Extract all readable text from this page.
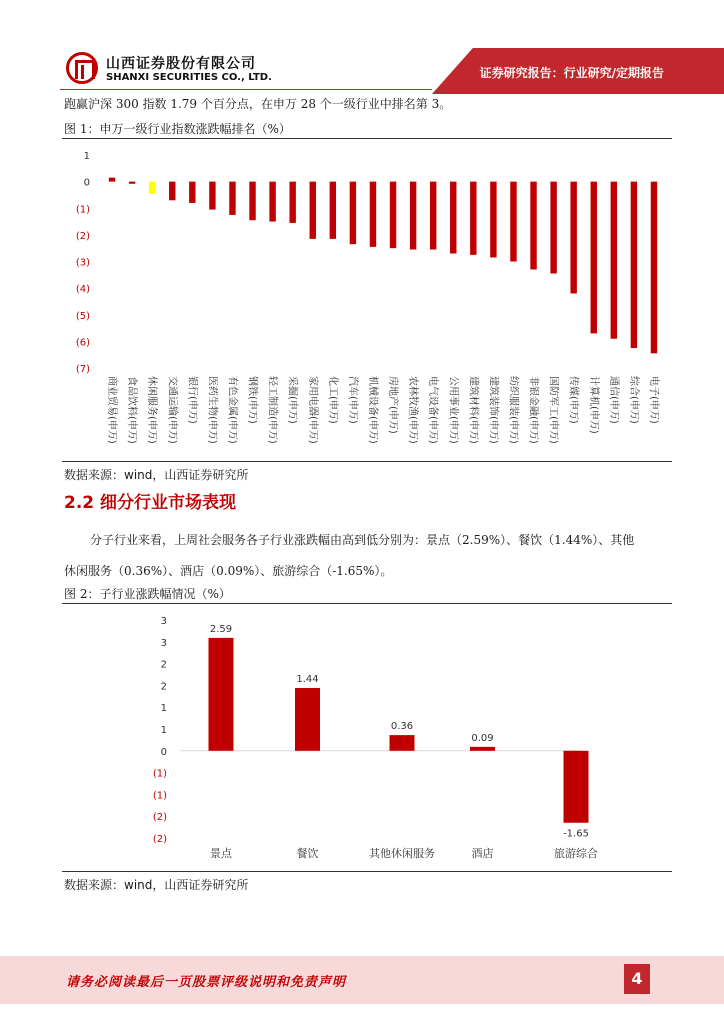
山西证券股份有限公司
SHANXI SECURITIES CO., LTD.	证券研究报告：行业研究/定期报告
跑赢沪深 300 指数 1.79 个百分点，在申万 28 个一级行业中排名第 3。
图 1：申万一级行业指数涨跌幅排名（%）
1
0
(1)
(2)
(3)
(4)
(5)
(6)
(7)
商业贸易(申万) 食品饮料(申万) 休闲服务(申万) 交通运输(申万) 银行(申万) 医药生物(申万) 有色金属(申万) 钢铁(申万) 轻工制造(申万) 采掘(申万) 家用电器(申万) 化工(申万) 汽车(申万) 机械设备(申万) 房地产(申万) 农林牧渔(申万) 电气设备(申万) 公用事业(申万) 建筑材料(申万) 建筑装饰(申万) 纺织服装(申万) 非银金融(申万) 国防军工(申万) 传媒(申万) 计算机(申万) 通信(申万) 综合(申万) 电子(申万)
数据来源：wind，山西证券研究所
2.2 细分行业市场表现
分子行业来看，上周社会服务各子行业涨跌幅由高到低分别为：景点（2.59%）、餐饮（1.44%）、其他
休闲服务（0.36%）、酒店（0.09%）、旅游综合（-1.65%）。
图 2：子行业涨跌幅情况（%）
3
3
2
2
1
1
0
(1)
(1)
(2)
(2)
2.59
景点
1.44
餐饮
0.36
其他休闲服务
0.09
酒店
-1.65
旅游综合
数据来源：wind，山西证券研究所
请务必阅读最后一页股票评级说明和免责声明	4
